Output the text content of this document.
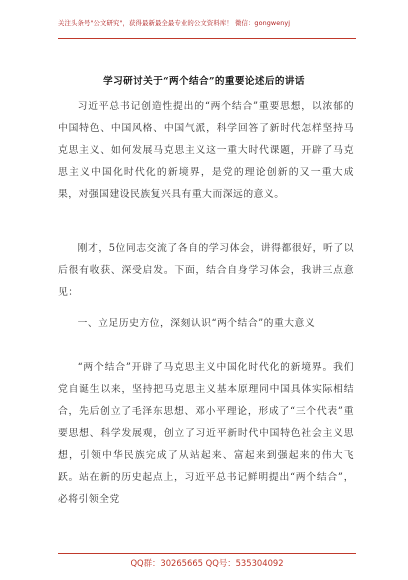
关注头条号"公文研究"，获得最新最全最专业的公文资料库！ 微信：gongwenyj
学习研讨关于“两个结合”的重要论述后的讲话

习近平总书记创造性提出的“两个结合”重要思想，以浓郁的中国特色、中国风格、中国气派，科学回答了新时代怎样坚持马克思主义、如何发展马克思主义这一重大时代课题，开辟了马克思主义中国化时代化的新境界，是党的理论创新的又一重大成果，对强国建设民族复兴具有重大而深远的意义。

刚才，5位同志交流了各自的学习体会，讲得都很好，听了以后很有收获、深受启发。下面，结合自身学习体会，我讲三点意见：

一、立足历史方位，深刻认识“两个结合”的重大意义

“两个结合”开辟了马克思主义中国化时代化的新境界。我们党自诞生以来，坚持把马克思主义基本原理同中国具体实际相结合，先后创立了毛泽东思想、邓小平理论，形成了“三个代表”重要思想、科学发展观，创立了习近平新时代中国特色社会主义思想，引领中华民族完成了从站起来、富起来到强起来的伟大飞跃。站在新的历史起点上，习近平总书记鲜明提出“两个结合”，必将引领全党

QQ群：30265665 QQ号：535304092
